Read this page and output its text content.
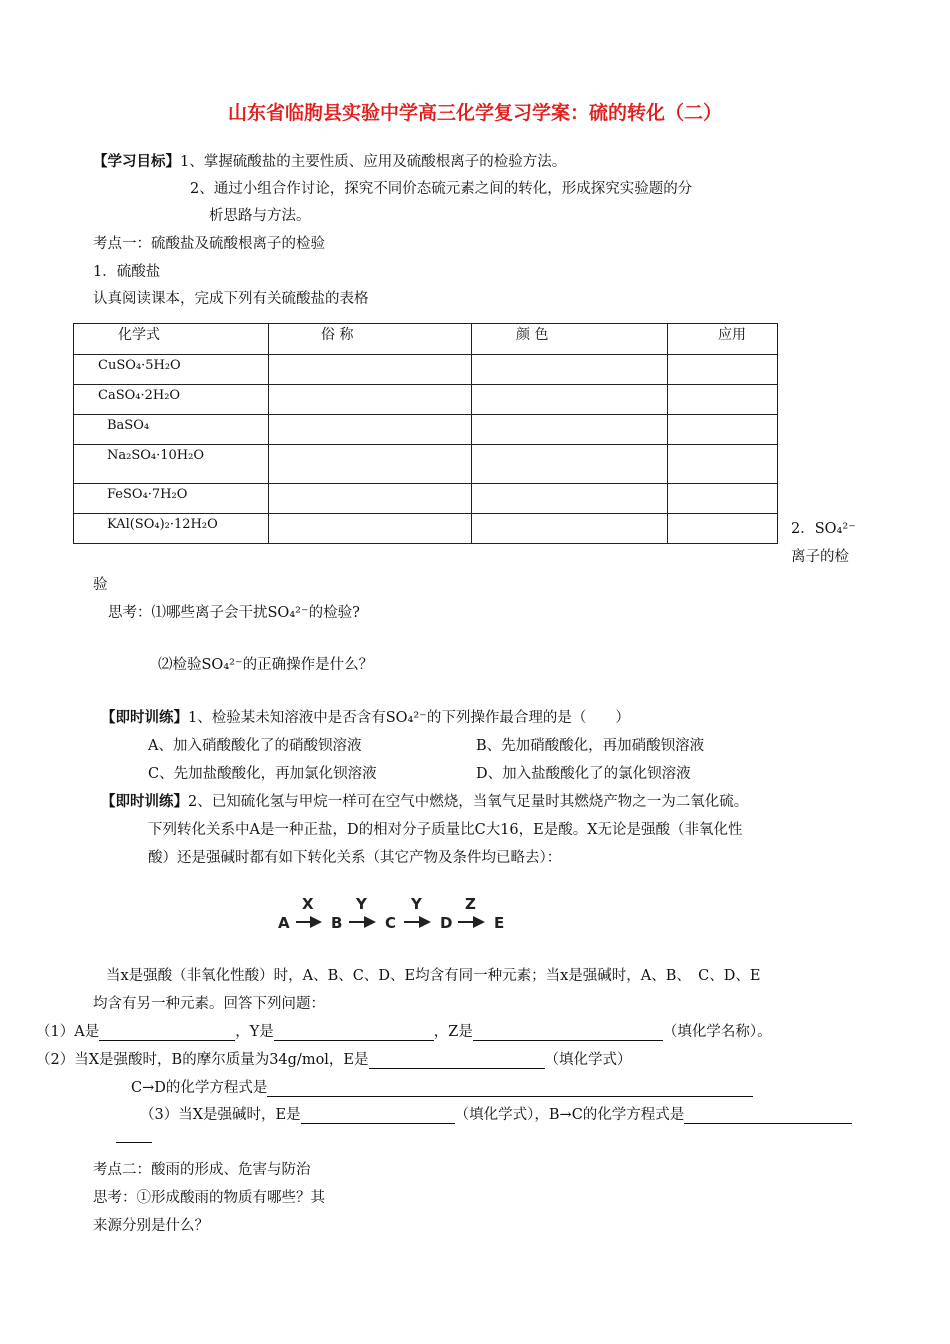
山东省临朐县实验中学高三化学复习学案：硫的转化（二）
【学习目标】1、掌握硫酸盐的主要性质、应用及硫酸根离子的检验方法。
2、通过小组合作讨论，探究不同价态硫元素之间的转化，形成探究实验题的分
析思路与方法。
考点一：硫酸盐及硫酸根离子的检验
1．硫酸盐
认真阅读课本，完成下列有关硫酸盐的表格
化学式	俗 称	颜 色	应用
CuSO₄·5H₂O			
CaSO₄·2H₂O			
BaSO₄			
Na₂SO₄·10H₂O			
FeSO₄·7H₂O			
KAl(SO₄)₂·12H₂O				2．SO₄²⁻
离子的检
验
思考：⑴哪些离子会干扰SO₄²⁻的检验?
⑵检验SO₄²⁻的正确操作是什么？
【即时训练】1、检验某未知溶液中是否含有SO₄²⁻的下列操作最合理的是（　　）
A、加入硝酸酸化了的硝酸钡溶液	B、先加硝酸酸化，再加硝酸钡溶液
C、先加盐酸酸化，再加氯化钡溶液	D、加入盐酸酸化了的氯化钡溶液
【即时训练】2、已知硫化氢与甲烷一样可在空气中燃烧，当氧气足量时其燃烧产物之一为二氧化硫。
下列转化关系中A是一种正盐，D的相对分子质量比C大16，E是酸。X无论是强酸（非氧化性
酸）还是强碱时都有如下转化关系（其它产物及条件均已略去）：
A	B	C	D	E
X	Y	Y	Z
当x是强酸（非氧化性酸）时，A、B、C、D、E均含有同一种元素；当x是强碱时，A、B、　C、D、E
均含有另一种元素。回答下列问题：
（1）A是	，Y是	，Z是	（填化学名称）。
（2）当X是强酸时，B的摩尔质量为34g/mol，E是	（填化学式）
C→D的化学方程式是
（3）当X是强碱时，E是	（填化学式），B→C的化学方程式是
考点二：酸雨的形成、危害与防治
思考：①形成酸雨的物质有哪些？其
来源分别是什么？
